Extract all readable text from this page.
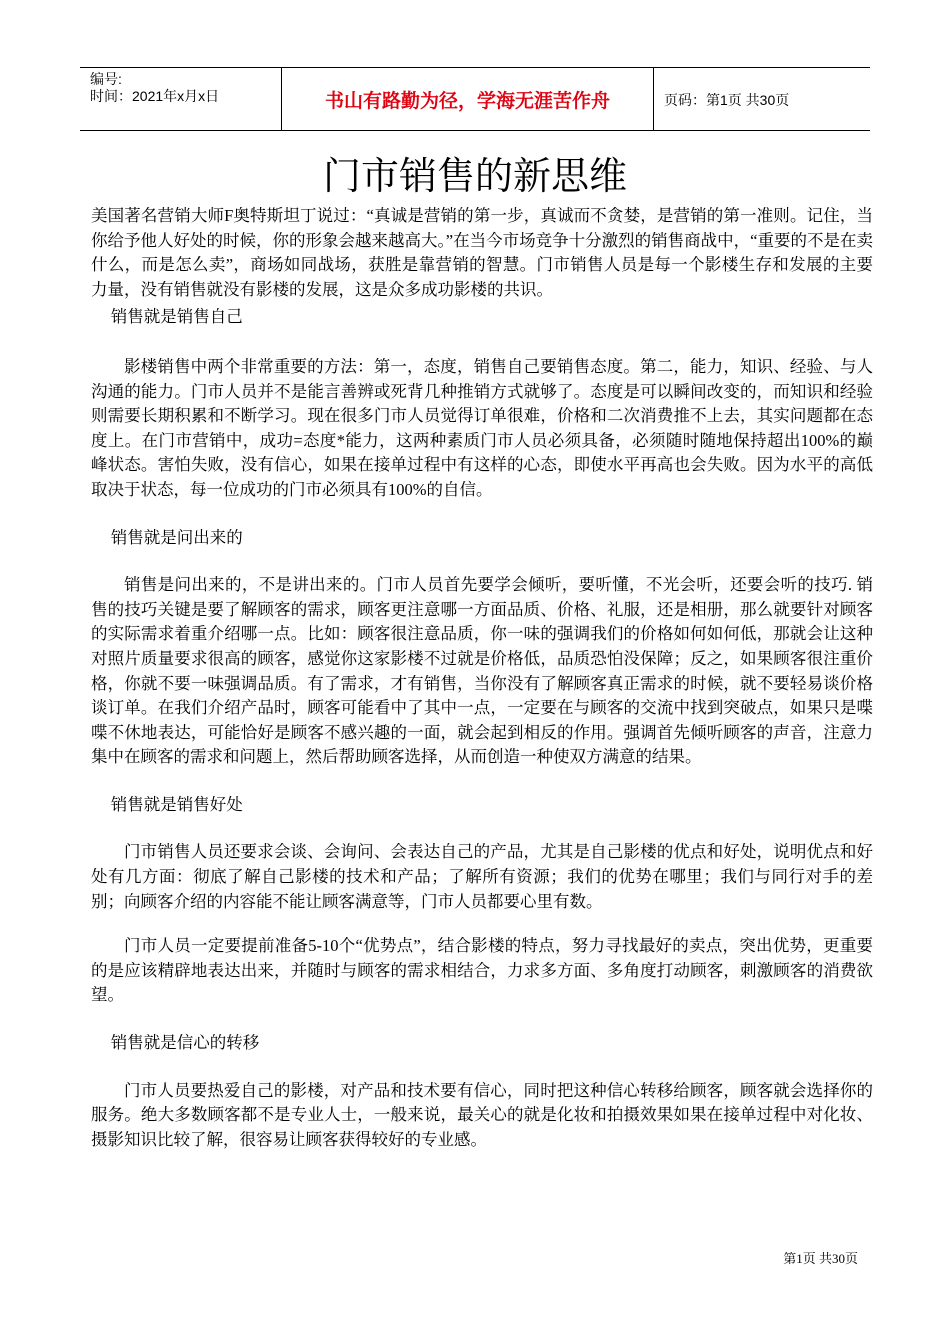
编号:
时间：2021年x月x日	书山有路勤为径，学海无涯苦作舟	页码：第1页 共30页
门市销售的新思维

美国著名营销大师F奥特斯坦丁说过：“真诚是营销的第一步，真诚而不贪婪，是营销的第一准则。记住，当你给予他人好处的时候，你的形象会越来越高大。”在当今市场竞争十分激烈的销售商战中，“重要的不是在卖什么，而是怎么卖”，商场如同战场，获胜是靠营销的智慧。门市销售人员是每一个影楼生存和发展的主要力量，没有销售就没有影楼的发展，这是众多成功影楼的共识。

销售就是销售自己

影楼销售中两个非常重要的方法：第一，态度，销售自己要销售态度。第二，能力，知识、经验、与人沟通的能力。门市人员并不是能言善辨或死背几种推销方式就够了。态度是可以瞬间改变的，而知识和经验则需要长期积累和不断学习。现在很多门市人员觉得订单很难，价格和二次消费推不上去，其实问题都在态度上。在门市营销中，成功=态度*能力，这两种素质门市人员必须具备，必须随时随地保持超出100%的巅峰状态。害怕失败，没有信心，如果在接单过程中有这样的心态，即使水平再高也会失败。因为水平的高低取决于状态，每一位成功的门市必须具有100%的自信。

销售就是问出来的

销售是问出来的，不是讲出来的。门市人员首先要学会倾听，要听懂，不光会听，还要会听的技巧. 销售的技巧关键是要了解顾客的需求，顾客更注意哪一方面品质、价格、礼服，还是相册，那么就要针对顾客的实际需求着重介绍哪一点。比如：顾客很注意品质，你一味的强调我们的价格如何如何低，那就会让这种对照片质量要求很高的顾客，感觉你这家影楼不过就是价格低，品质恐怕没保障；反之，如果顾客很注重价格，你就不要一味强调品质。有了需求，才有销售，当你没有了解顾客真正需求的时候，就不要轻易谈价格谈订单。在我们介绍产品时，顾客可能看中了其中一点，一定要在与顾客的交流中找到突破点，如果只是喋喋不休地表达，可能恰好是顾客不感兴趣的一面，就会起到相反的作用。强调首先倾听顾客的声音，注意力集中在顾客的需求和问题上，然后帮助顾客选择，从而创造一种使双方满意的结果。

销售就是销售好处

门市销售人员还要求会谈、会询问、会表达自己的产品，尤其是自己影楼的优点和好处，说明优点和好处有几方面：彻底了解自己影楼的技术和产品；了解所有资源；我们的优势在哪里；我们与同行对手的差别；向顾客介绍的内容能不能让顾客满意等，门市人员都要心里有数。

门市人员一定要提前准备5-10个“优势点”，结合影楼的特点，努力寻找最好的卖点，突出优势，更重要的是应该精辟地表达出来，并随时与顾客的需求相结合，力求多方面、多角度打动顾客，刺激顾客的消费欲望。

销售就是信心的转移

门市人员要热爱自己的影楼，对产品和技术要有信心，同时把这种信心转移给顾客，顾客就会选择你的服务。绝大多数顾客都不是专业人士，一般来说，最关心的就是化妆和拍摄效果如果在接单过程中对化妆、摄影知识比较了解，很容易让顾客获得较好的专业感。

第1页 共30页
